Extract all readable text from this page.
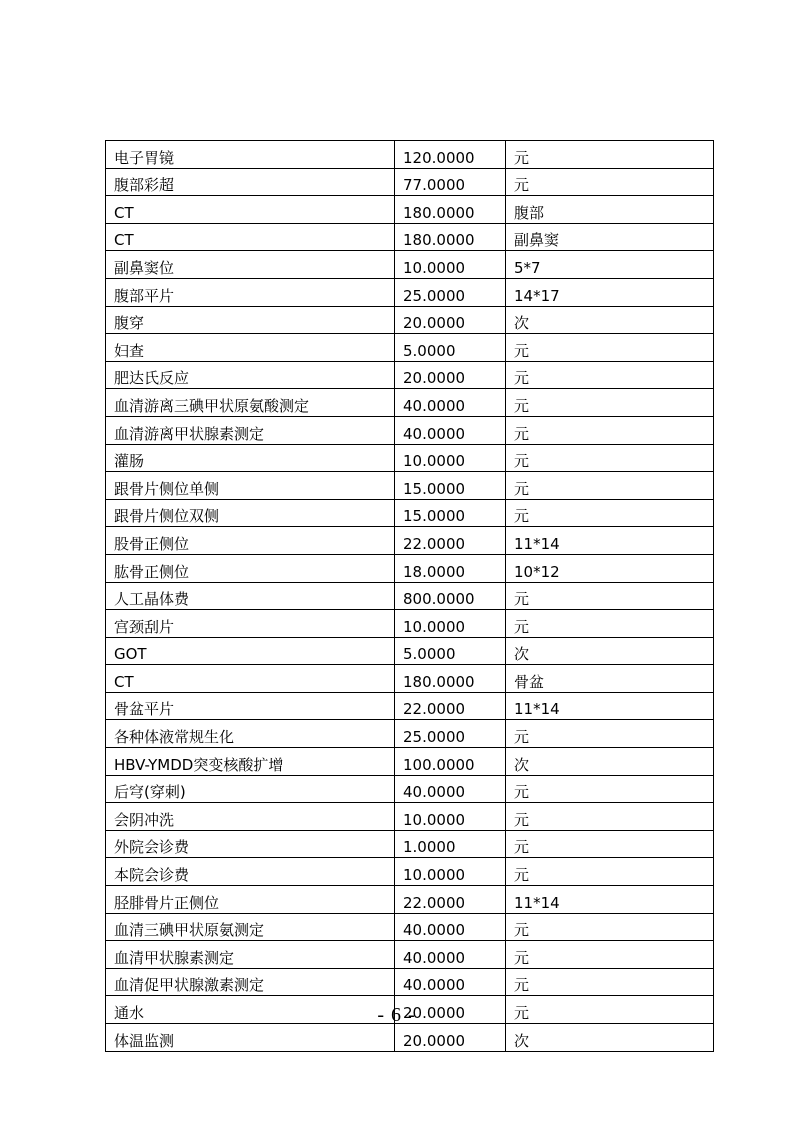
电子胃镜	120.0000	元
腹部彩超	77.0000	元
CT	180.0000	腹部
CT	180.0000	副鼻窦
副鼻窦位	10.0000	5*7
腹部平片	25.0000	14*17
腹穿	20.0000	次
妇查	5.0000	元
肥达氏反应	20.0000	元
血清游离三碘甲状原氨酸测定	40.0000	元
血清游离甲状腺素测定	40.0000	元
灌肠	10.0000	元
跟骨片侧位单侧	15.0000	元
跟骨片侧位双侧	15.0000	元
股骨正侧位	22.0000	11*14
肱骨正侧位	18.0000	10*12
人工晶体费	800.0000	元
宫颈刮片	10.0000	元
GOT	5.0000	次
CT	180.0000	骨盆
骨盆平片	22.0000	11*14
各种体液常规生化	25.0000	元
HBV-YMDD突变核酸扩增	100.0000	次
后穹(穿刺)	40.0000	元
会阴冲洗	10.0000	元
外院会诊费	1.0000	元
本院会诊费	10.0000	元
胫腓骨片正侧位	22.0000	11*14
血清三碘甲状原氨测定	40.0000	元
血清甲状腺素测定	40.0000	元
血清促甲状腺激素测定	40.0000	元
通水	20.0000	元
体温监测	20.0000	次
- 6 -
